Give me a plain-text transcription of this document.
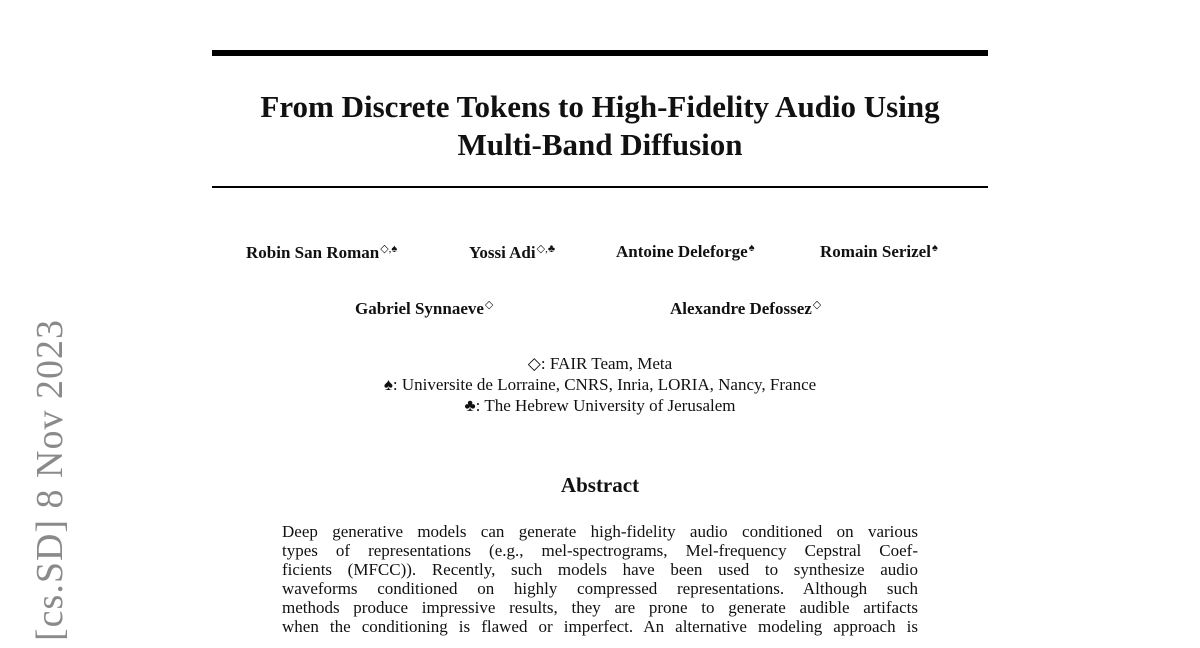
[cs.SD] 8 Nov 2023
From Discrete Tokens to High-Fidelity Audio Using
Multi-Band Diffusion
Robin San Roman◇,♠	Yossi Adi◇,♣	Antoine Deleforge♠	Romain Serizel♠
Gabriel Synnaeve◇	Alexandre Defossez◇
◇: FAIR Team, Meta
♠: Universite de Lorraine, CNRS, Inria, LORIA, Nancy, France
♣: The Hebrew University of Jerusalem
Abstract
Deep generative models can generate high-fidelity audio conditioned on various
types of representations (e.g., mel-spectrograms, Mel-frequency Cepstral Coef-
ficients (MFCC)). Recently, such models have been used to synthesize audio
waveforms conditioned on highly compressed representations. Although such
methods produce impressive results, they are prone to generate audible artifacts
when the conditioning is flawed or imperfect. An alternative modeling approach is
